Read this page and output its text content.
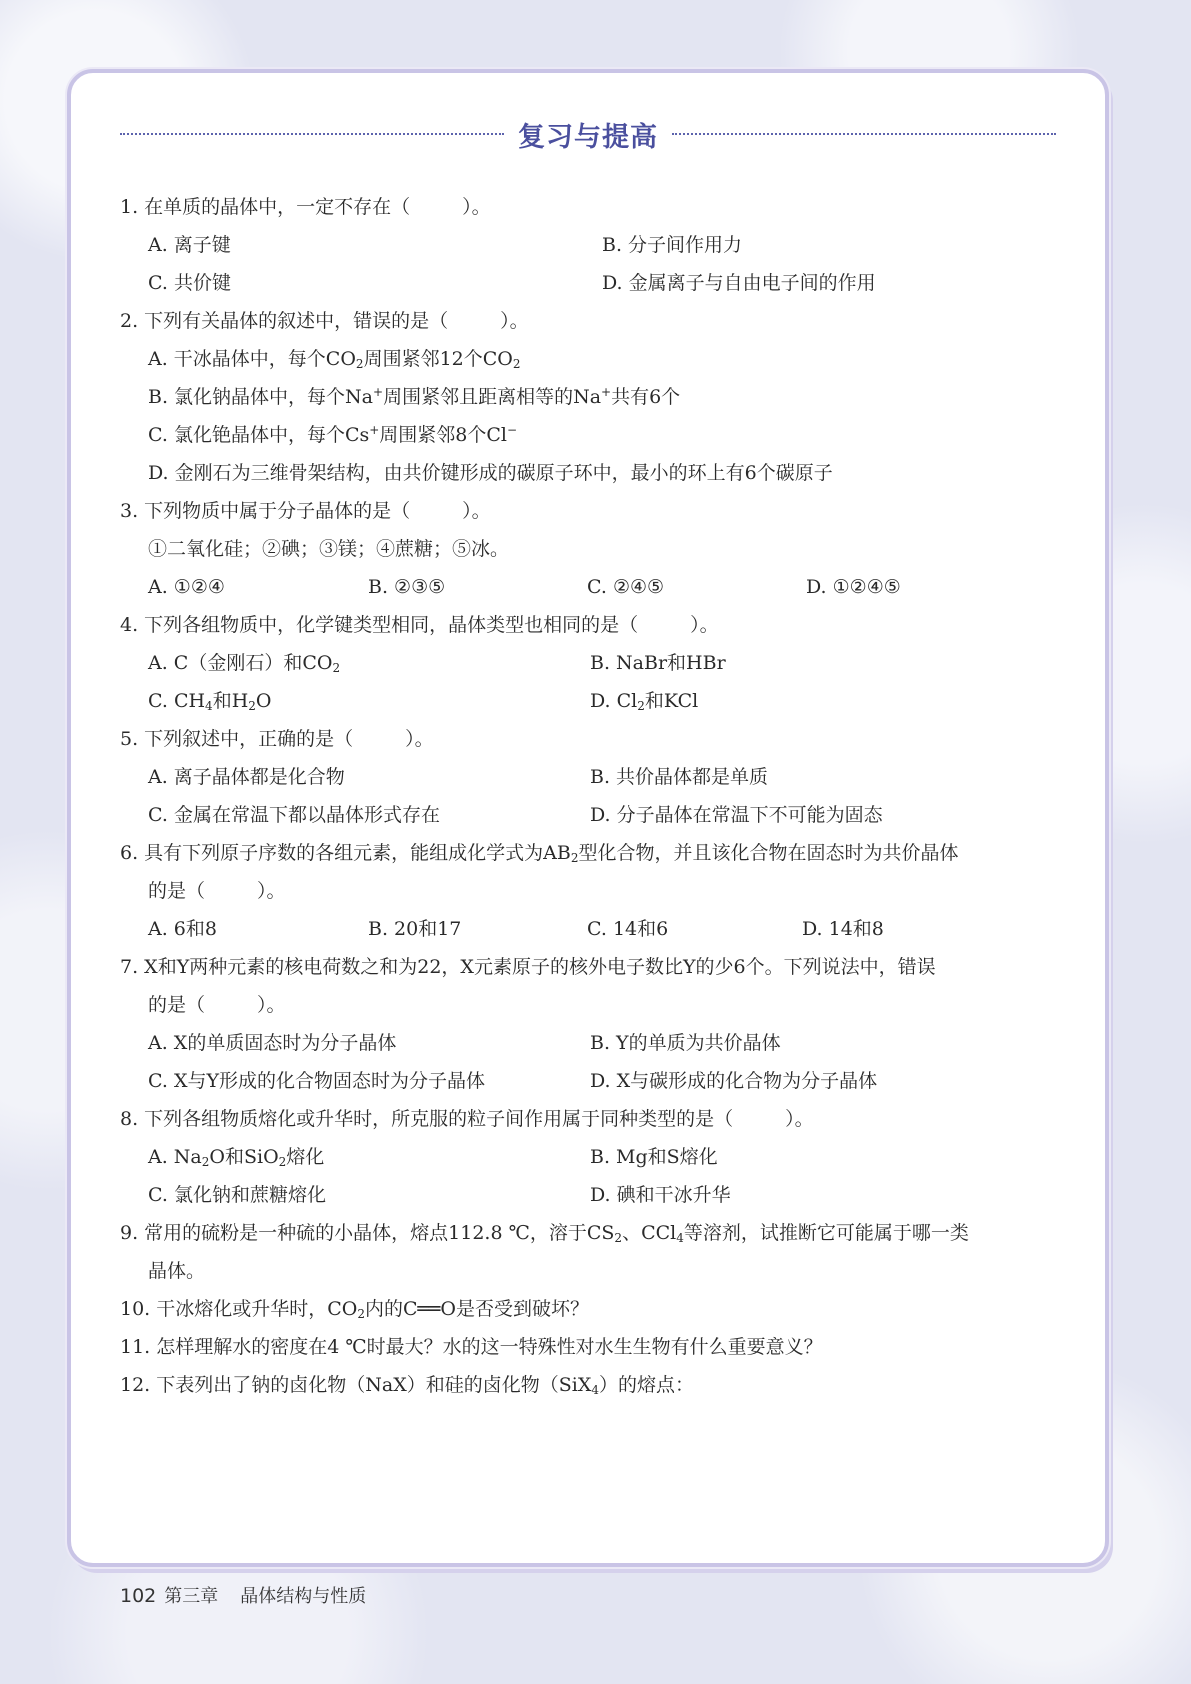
复习与提高
1. 在单质的晶体中，一定不存在（	）。
A. 离子键	B. 分子间作用力
C. 共价键	D. 金属离子与自由电子间的作用
2. 下列有关晶体的叙述中，错误的是（	）。
A. 干冰晶体中，每个$CO_2$周围紧邻12个$CO_2$
B. 氯化钠晶体中，每个Na+周围紧邻且距离相等的Na+共有6个
C. 氯化铯晶体中，每个Cs+周围紧邻8个Cl−
D. 金刚石为三维骨架结构，由共价键形成的碳原子环中，最小的环上有6个碳原子
3. 下列物质中属于分子晶体的是（	）。
①二氧化硅；②碘；③镁；④蔗糖；⑤冰。
A. ①②④	B. ②③⑤	C. ②④⑤	D. ①②④⑤
4. 下列各组物质中，化学键类型相同，晶体类型也相同的是（	）。
A. C（金刚石）和$CO_2$	B. NaBr和HBr
C. $CH_4$和$H_2O$	D. $Cl_2$和KCl
5. 下列叙述中，正确的是（	）。
A. 离子晶体都是化合物	B. 共价晶体都是单质
C. 金属在常温下都以晶体形式存在	D. 分子晶体在常温下不可能为固态
6. 具有下列原子序数的各组元素，能组成化学式为$AB_2$型化合物，并且该化合物在固态时为共价晶体
的是（	）。
A. 6和8	B. 20和17	C. 14和6	D. 14和8
7. X和Y两种元素的核电荷数之和为22，X元素原子的核外电子数比Y的少6个。下列说法中，错误
的是（	）。
A. X的单质固态时为分子晶体	B. Y的单质为共价晶体
C. X与Y形成的化合物固态时为分子晶体	D. X与碳形成的化合物为分子晶体
8. 下列各组物质熔化或升华时，所克服的粒子间作用属于同种类型的是（	）。
A. $Na_2O$和SiO$_2$熔化	B. Mg和S熔化
C. 氯化钠和蔗糖熔化	D. 碘和干冰升华
9. 常用的硫粉是一种硫的小晶体，熔点112.8 ℃，溶于$CS_2$、CCl$_4$等溶剂，试推断它可能属于哪一类
晶体。
10. 干冰熔化或升华时，$CO_2$内的C══O是否受到破坏？
11. 怎样理解水的密度在4 ℃时最大？水的这一特殊性对水生生物有什么重要意义？
12. 下表列出了钠的卤化物（NaX）和硅的卤化物（SiX$_4$）的熔点：
102 第三章 晶体结构与性质
